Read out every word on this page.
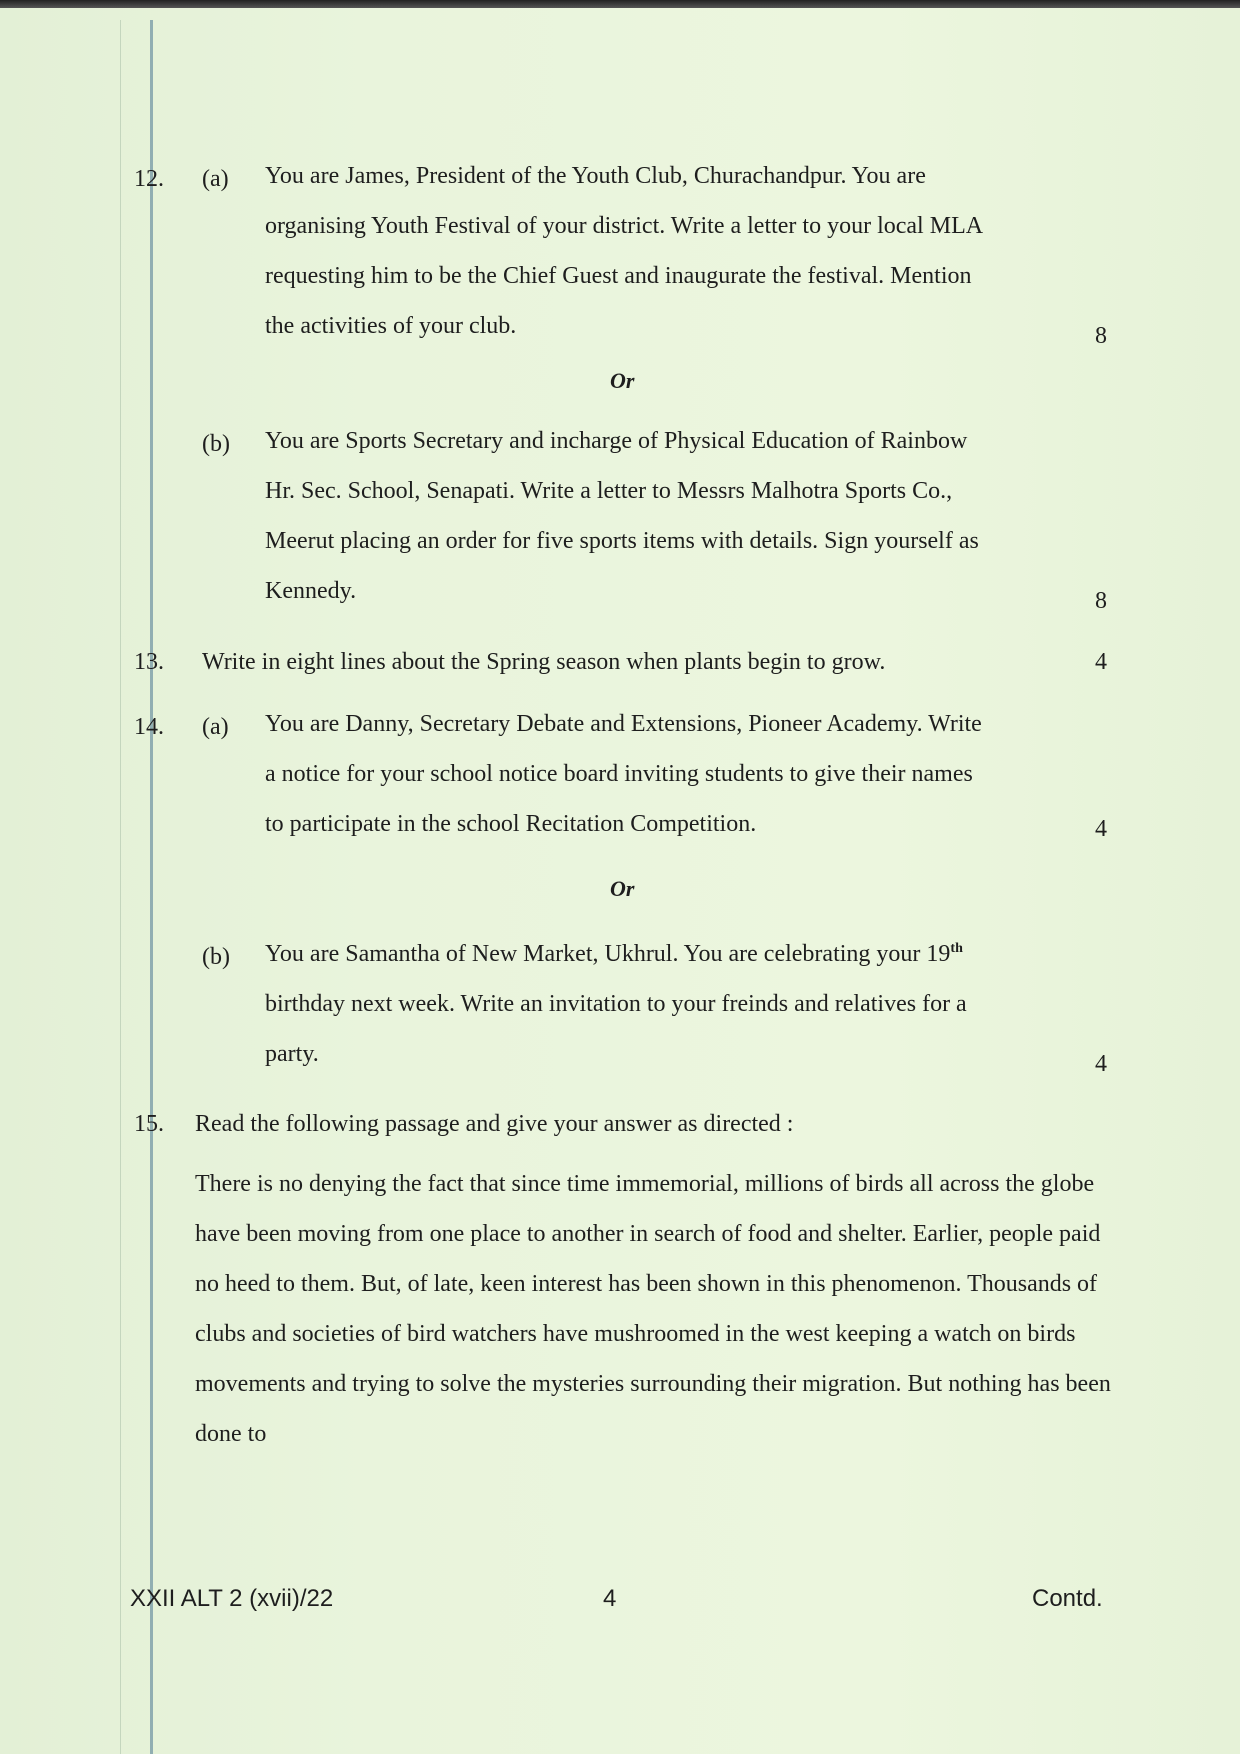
12. (a) You are James, President of the Youth Club, Churachandpur. You are organising Youth Festival of your district. Write a letter to your local MLA requesting him to be the Chief Guest and inaugurate the festival. Mention the activities of your club.	8
Or
(b) You are Sports Secretary and incharge of Physical Education of Rainbow Hr. Sec. School, Senapati. Write a letter to Messrs Malhotra Sports Co., Meerut placing an order for five sports items with details. Sign yourself as Kennedy.	8
13. Write in eight lines about the Spring season when plants begin to grow.	4
14. (a) You are Danny, Secretary Debate and Extensions, Pioneer Academy. Write a notice for your school notice board inviting students to give their names to participate in the school Recitation Competition.	4
Or
(b) You are Samantha of New Market, Ukhrul. You are celebrating your 19th birthday next week. Write an invitation to your freinds and relatives for a party.	4
15. Read the following passage and give your answer as directed :
There is no denying the fact that since time immemorial, millions of birds all across the globe have been moving from one place to another in search of food and shelter. Earlier, people paid no heed to them. But, of late, keen interest has been shown in this phenomenon. Thousands of clubs and societies of bird watchers have mushroomed in the west keeping a watch on birds movements and trying to solve the mysteries surrounding their migration. But nothing has been done to
XXII ALT 2 (xvii)/22	4	Contd.
